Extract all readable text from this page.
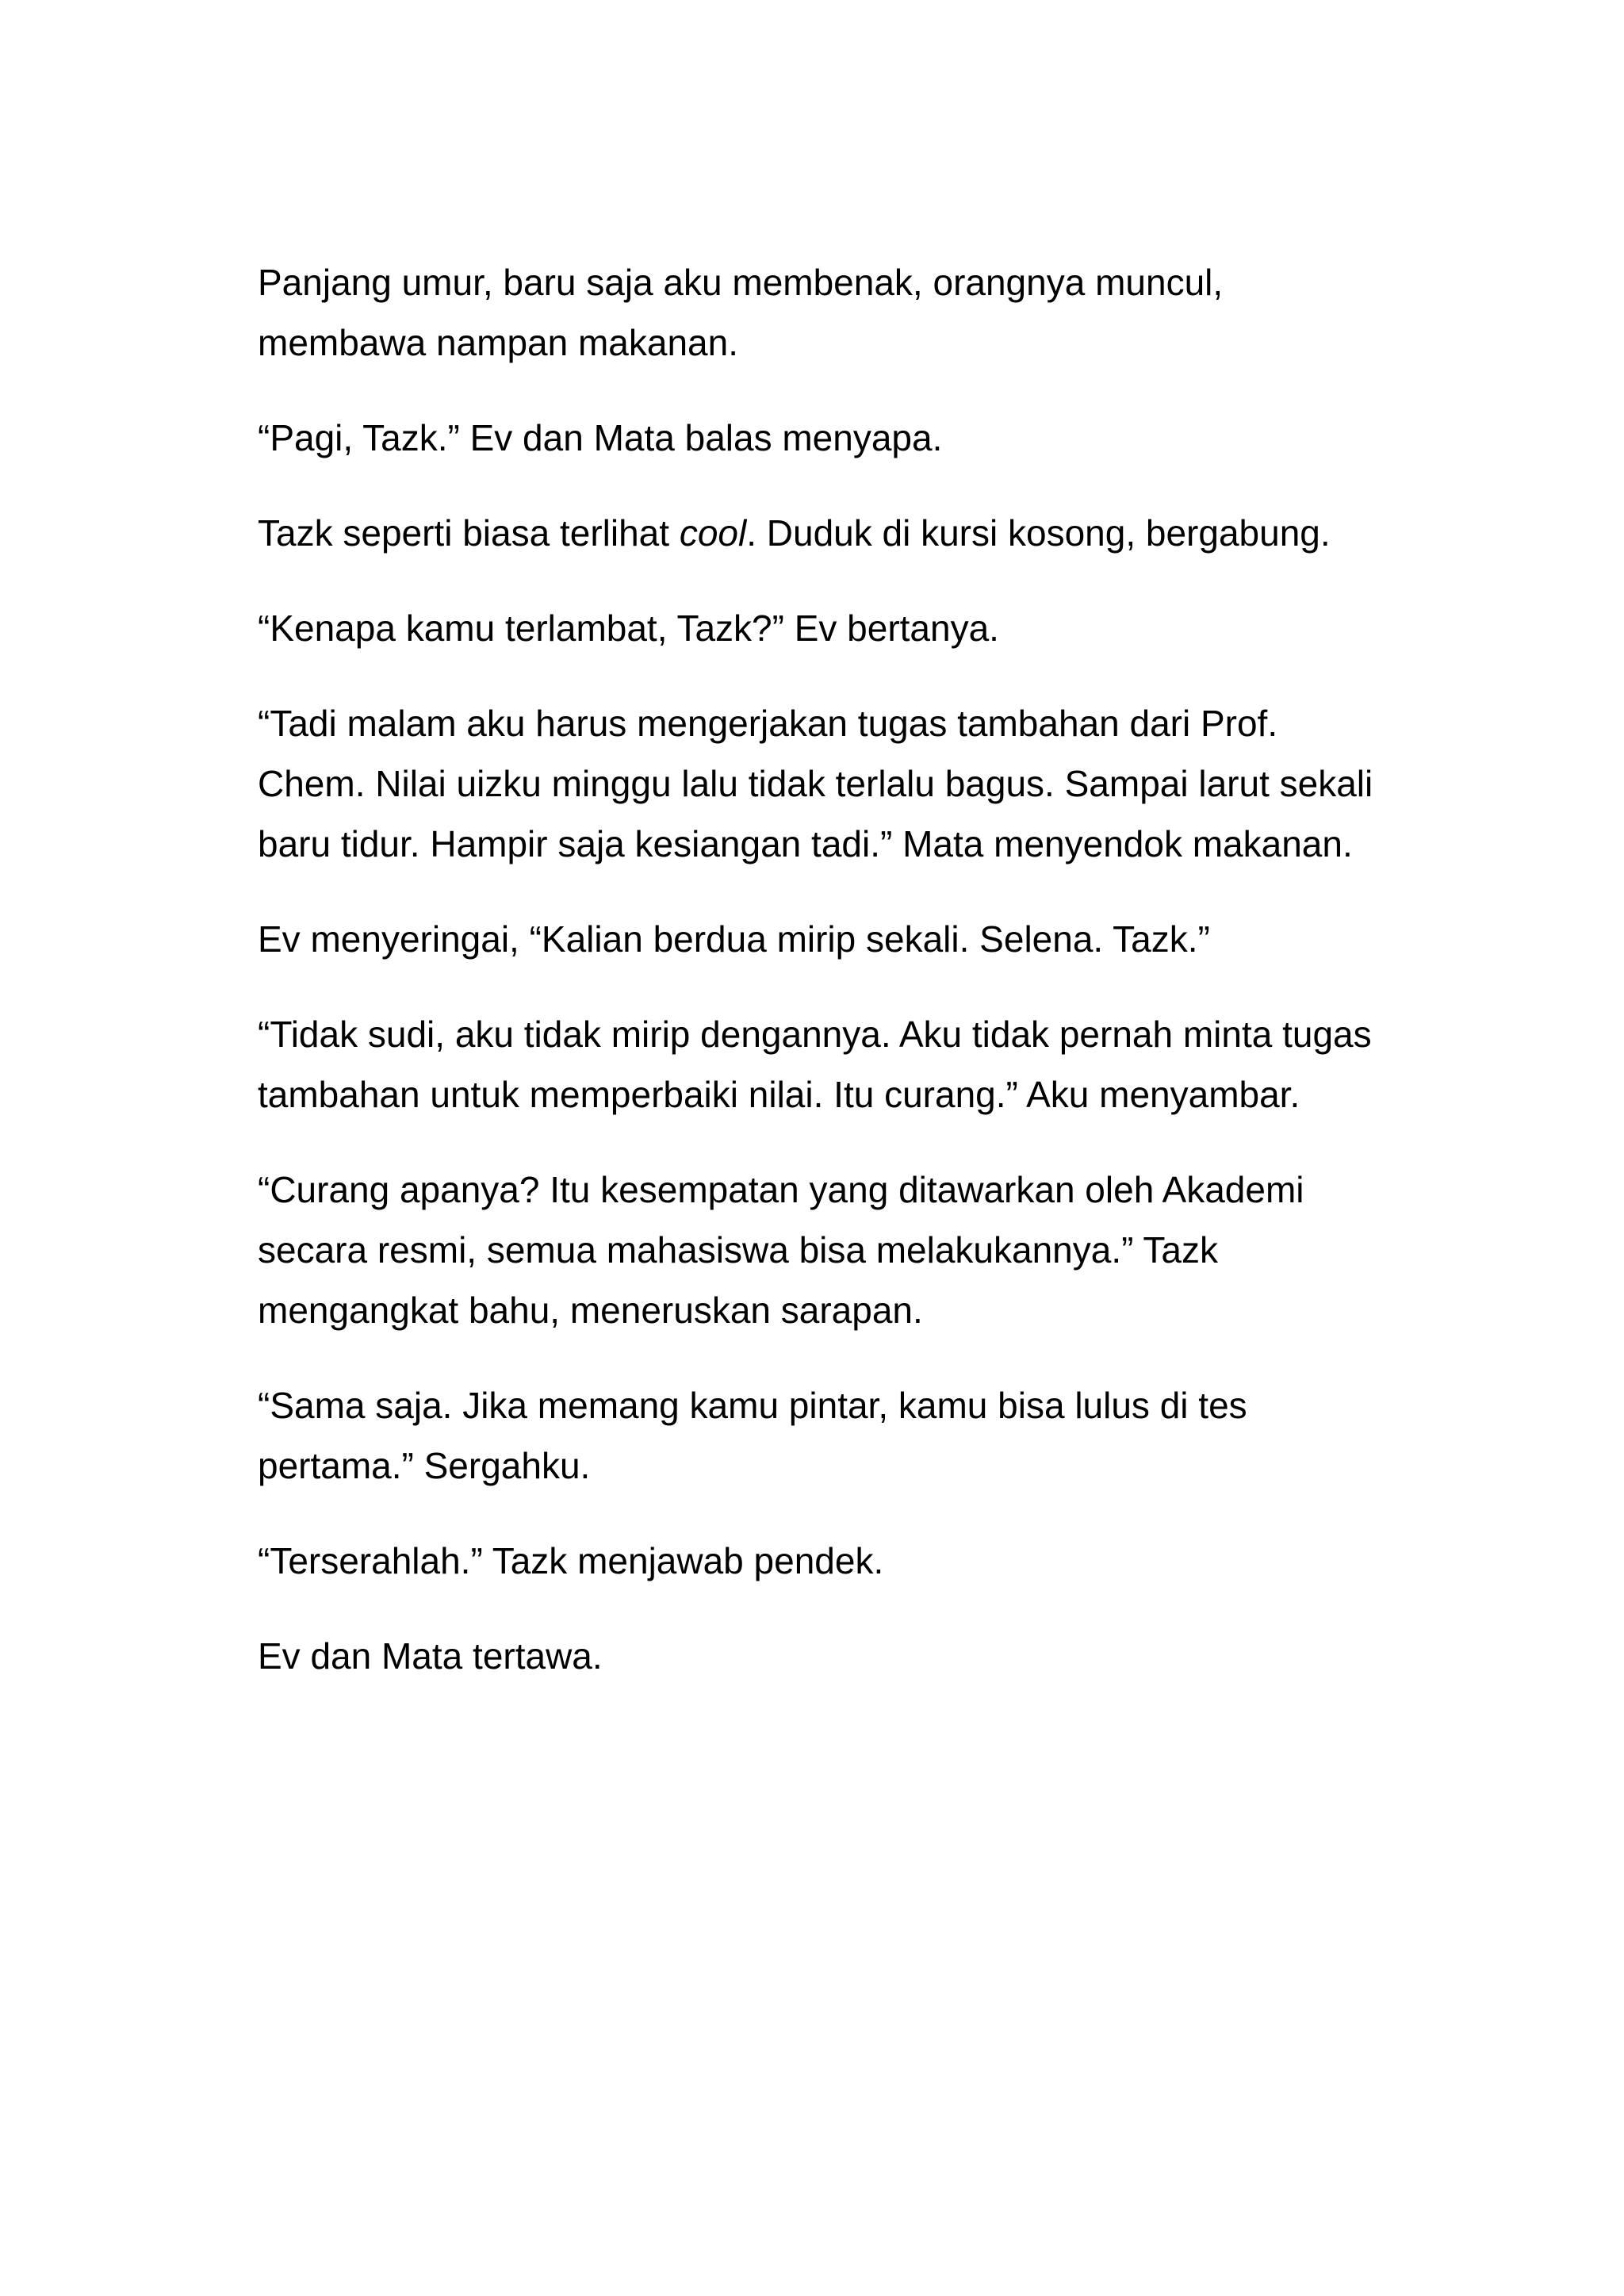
Panjang umur, baru saja aku membenak, orangnya muncul, membawa nampan makanan.

“Pagi, Tazk.” Ev dan Mata balas menyapa.

Tazk seperti biasa terlihat cool. Duduk di kursi kosong, bergabung.

“Kenapa kamu terlambat, Tazk?” Ev bertanya.

“Tadi malam aku harus mengerjakan tugas tambahan dari Prof. Chem. Nilai uizku minggu lalu tidak terlalu bagus. Sampai larut sekali baru tidur. Hampir saja kesiangan tadi.” Mata menyendok makanan.

Ev menyeringai, “Kalian berdua mirip sekali. Selena. Tazk.”

“Tidak sudi, aku tidak mirip dengannya. Aku tidak pernah minta tugas tambahan untuk memperbaiki nilai. Itu curang.” Aku menyambar.

“Curang apanya? Itu kesempatan yang ditawarkan oleh Akademi secara resmi, semua mahasiswa bisa melakukannya.” Tazk mengangkat bahu, meneruskan sarapan.

“Sama saja. Jika memang kamu pintar, kamu bisa lulus di tes pertama.” Sergahku.

“Terserahlah.” Tazk menjawab pendek.

Ev dan Mata tertawa.
